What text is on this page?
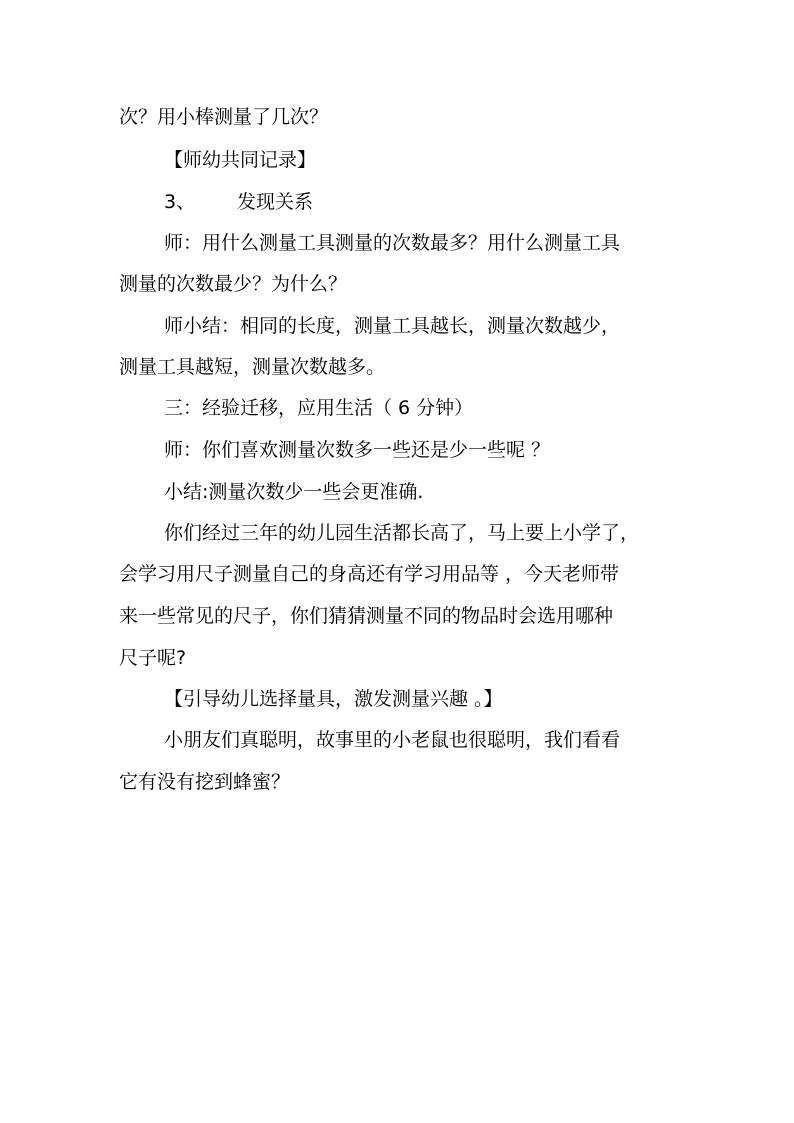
次？用小棒测量了几次？
【师幼共同记录】
3、 发现关系
师：用什么测量工具测量的次数最多？用什么测量工具
测量的次数最少？为什么？
师小结：相同的长度，测量工具越长，测量次数越少，
测量工具越短，测量次数越多。
三：经验迁移，应用生活（ 6 分钟）
师：你们喜欢测量次数多一些还是少一些呢 ？
小结:测量次数少一些会更准确.
你们经过三年的幼儿园生活都长高了，马上要上小学了，
会学习用尺子测量自己的身高还有学习用品等 ，今天老师带
来一些常见的尺子，你们猜猜测量不同的物品时会选用哪种
尺子呢?
【引导幼儿选择量具，激发测量兴趣 。】
小朋友们真聪明，故事里的小老鼠也很聪明，我们看看
它有没有挖到蜂蜜？
